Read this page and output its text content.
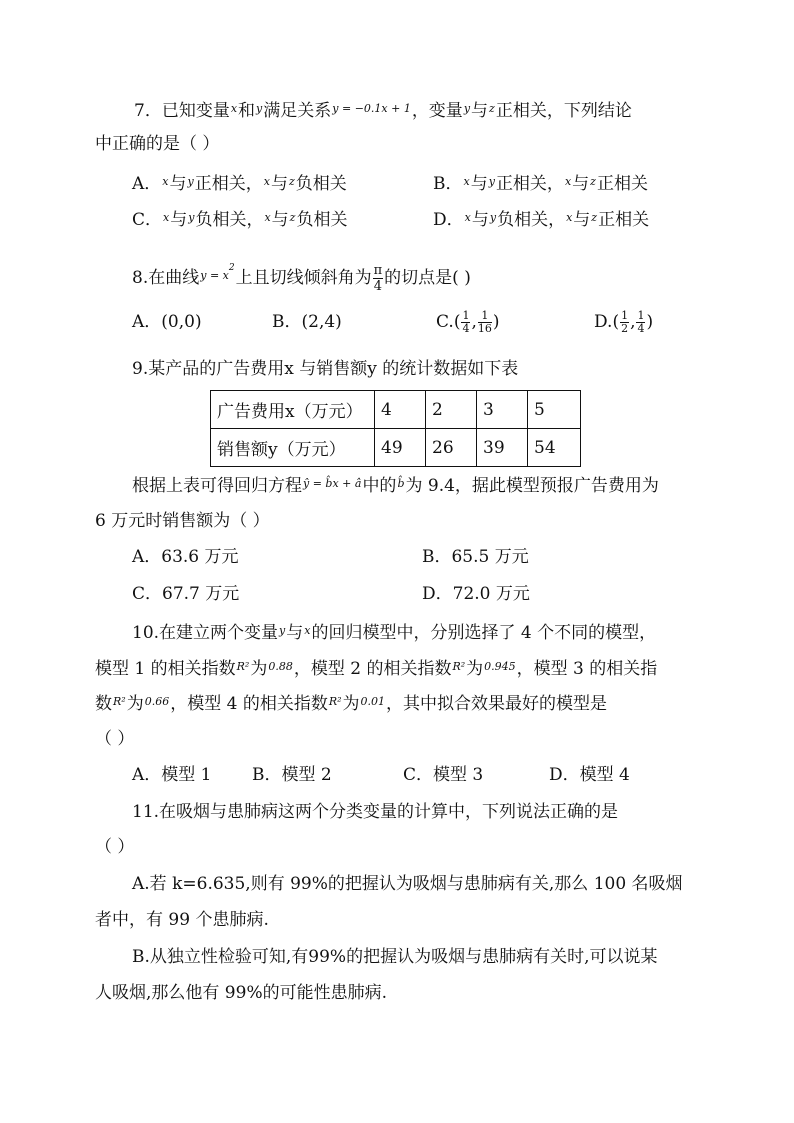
7．已知变量$^x$和$^y$满足关系$^{y = -0.1x + 1}$，变量$^y$与$^z$正相关，下列结论
中正确的是（ ）
A．$^x$与$^y$正相关，$^x$与$^z$负相关	B．$^x$与$^y$正相关，$^x$与$^z$正相关
C．$^x$与$^y$负相关，$^x$与$^z$负相关	D．$^x$与$^y$负相关，$^x$与$^z$正相关
8.在曲线$^{y = x^2}$上且切线倾斜角为 $\frac{\pi}{4}$ 的切点是( )
A．(0,0)	B．(2,4)	$C.( \frac{1}{4}$ , $\frac{1}{16}$ )	$D.( \frac{1}{2}$ , $\frac{1}{4}$ )
9.某产品的广告费用x 与销售额y 的统计数据如下表
广告费用x（万元）	4	2	3	5
销售额y（万元）	49	26	39	54
根据上表可得回归方程$^{ŷ = b̂x + â}$中的$^{b̂}$为 9.4，据此模型预报广告费用为
6 万元时销售额为（ ）
A．63.6 万元	B．65.5 万元
C．67.7 万元	D．72.0 万元
10.在建立两个变量$^y$与$^x$的回归模型中，分别选择了 4 个不同的模型，
模型 1 的相关指数$^{R^2}$为$^{0.88}$，模型 2 的相关指数$^{R^2}$为$^{0.945}$，模型 3 的相关指
数$^{R^2}$为$^{0.66}$，模型 4 的相关指数$^{R^2}$为$^{0.01}$，其中拟合效果最好的模型是
（ ）
A．模型 1 B．模型 2	C．模型 3	D．模型 4
11.在吸烟与患肺病这两个分类变量的计算中，下列说法正确的是
（ ）
A.若 k=6.635,则有 99%的把握认为吸烟与患肺病有关,那么 100 名吸烟
者中，有 99 个患肺病.
B.从独立性检验可知,有99%的把握认为吸烟与患肺病有关时,可以说某
人吸烟,那么他有 99%的可能性患肺病.
